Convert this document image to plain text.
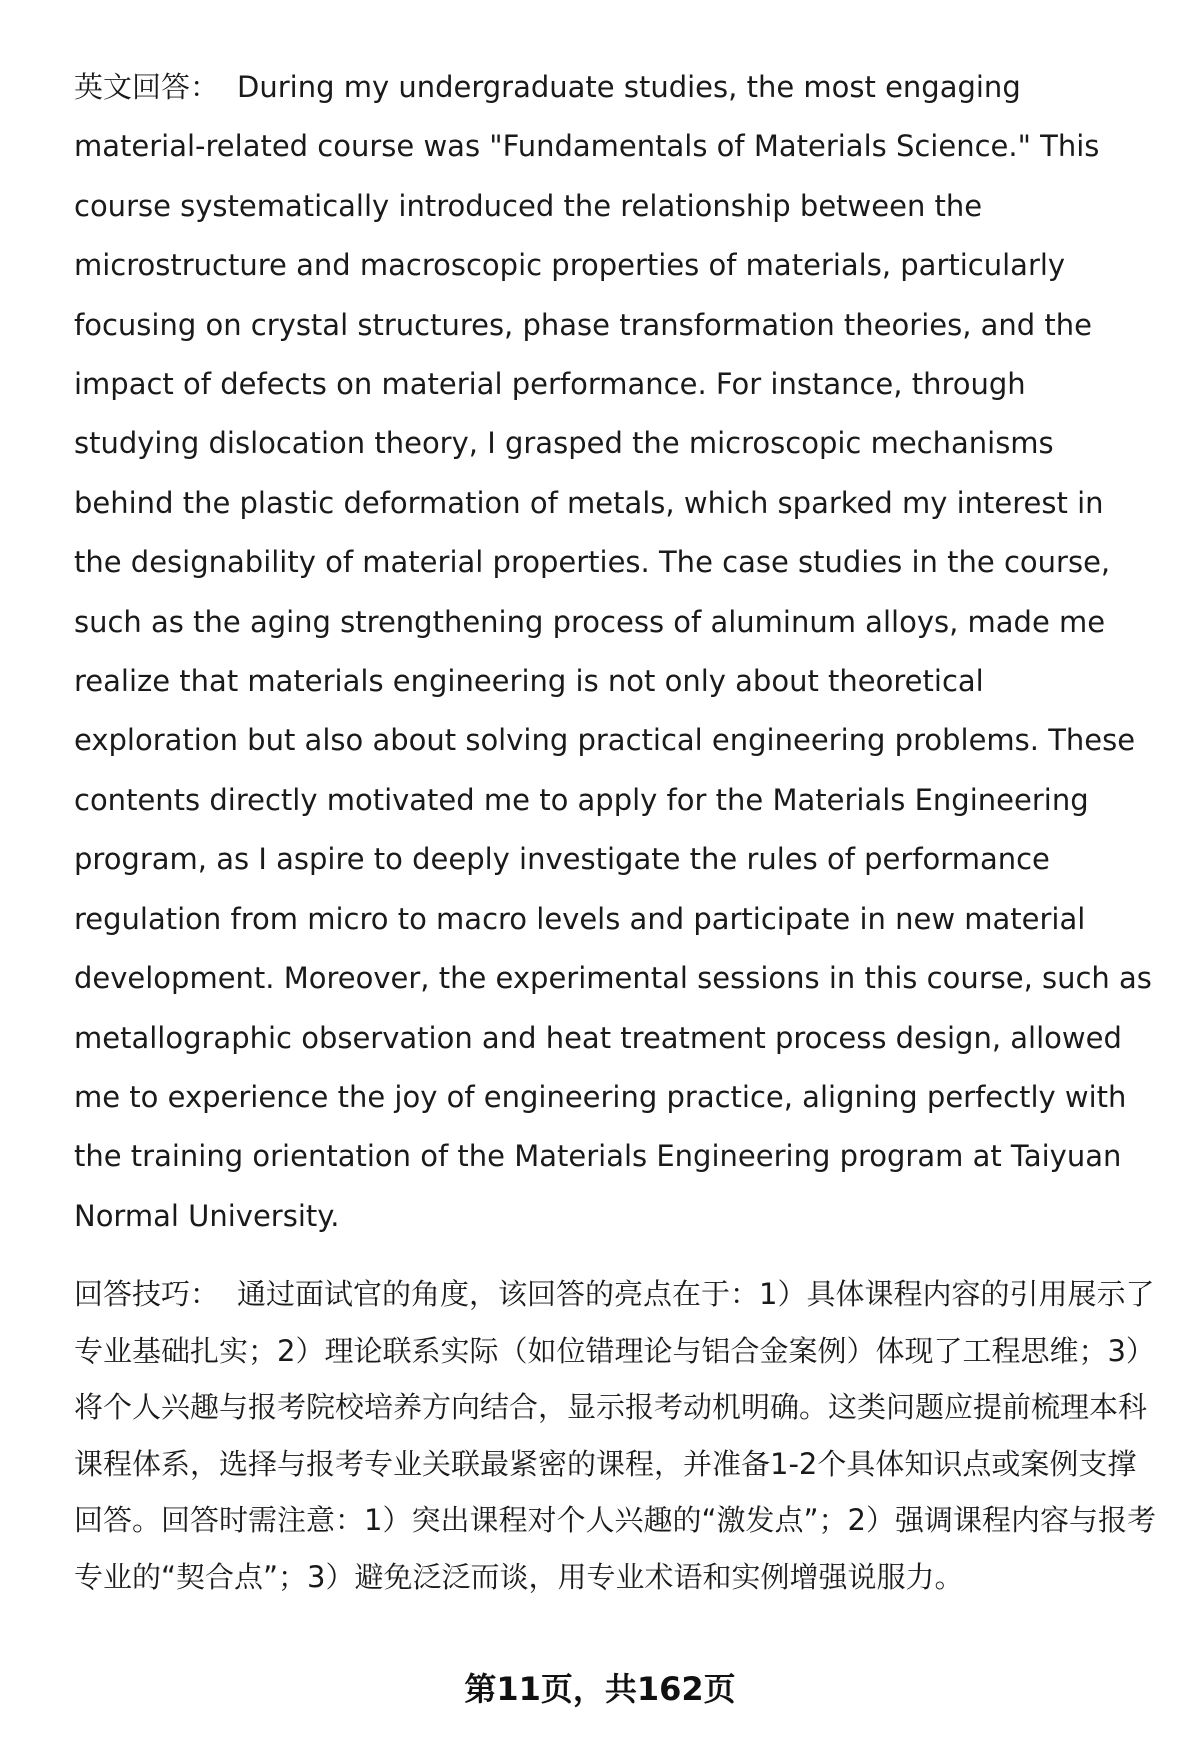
英文回答： During my undergraduate studies, the most engaging material-related course was "Fundamentals of Materials Science." This course systematically introduced the relationship between the microstructure and macroscopic properties of materials, particularly focusing on crystal structures, phase transformation theories, and the impact of defects on material performance. For instance, through studying dislocation theory, I grasped the microscopic mechanisms behind the plastic deformation of metals, which sparked my interest in the designability of material properties. The case studies in the course, such as the aging strengthening process of aluminum alloys, made me realize that materials engineering is not only about theoretical exploration but also about solving practical engineering problems. These contents directly motivated me to apply for the Materials Engineering program, as I aspire to deeply investigate the rules of performance regulation from micro to macro levels and participate in new material development. Moreover, the experimental sessions in this course, such as metallographic observation and heat treatment process design, allowed me to experience the joy of engineering practice, aligning perfectly with the training orientation of the Materials Engineering program at Taiyuan Normal University.

回答技巧： 通过面试官的角度，该回答的亮点在于：1）具体课程内容的引用展示了专业基础扎实；2）理论联系实际（如位错理论与铝合金案例）体现了工程思维；3）将个人兴趣与报考院校培养方向结合，显示报考动机明确。这类问题应提前梳理本科课程体系，选择与报考专业关联最紧密的课程，并准备1-2个具体知识点或案例支撑回答。回答时需注意：1）突出课程对个人兴趣的“激发点”；2）强调课程内容与报考专业的“契合点”；3）避免泛泛而谈，用专业术语和实例增强说服力。

第11页，共162页
